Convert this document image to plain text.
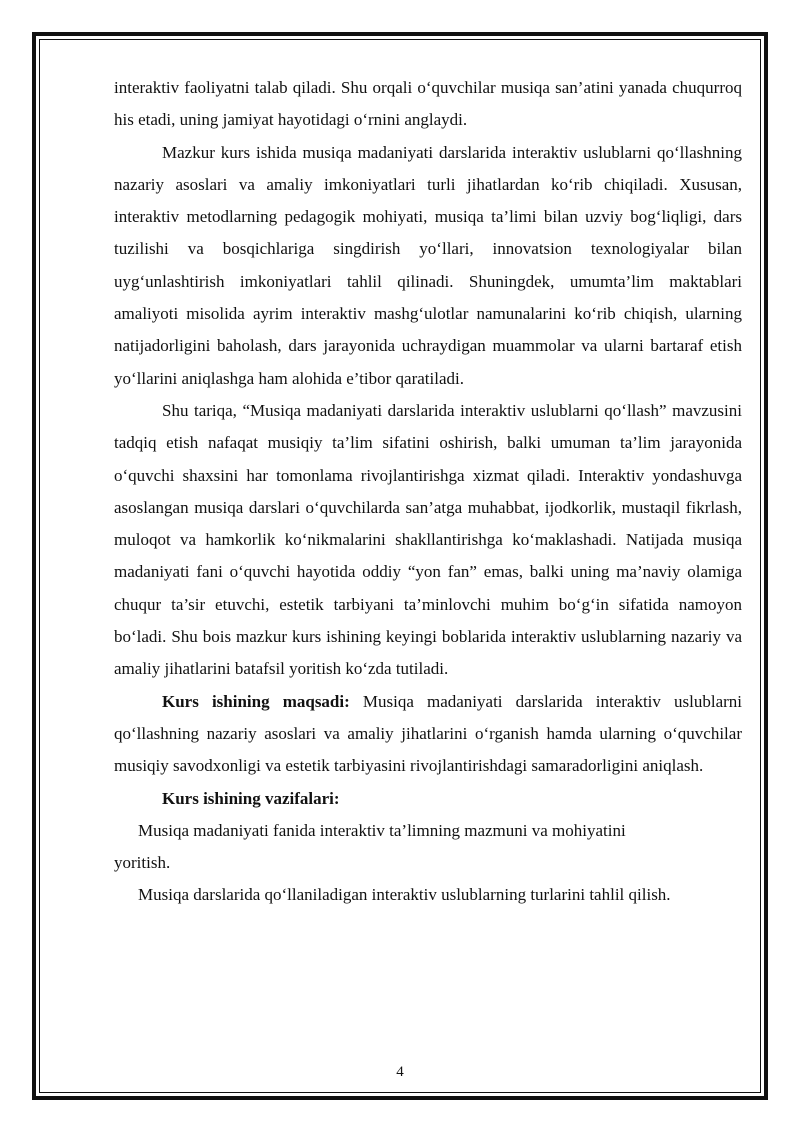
interaktiv faoliyatni talab qiladi. Shu orqali o‘quvchilar musiqa san’atini yanada chuqurroq his etadi, uning jamiyat hayotidagi o‘rnini anglaydi.

Mazkur kurs ishida musiqa madaniyati darslarida interaktiv uslublarni qo‘llashning nazariy asoslari va amaliy imkoniyatlari turli jihatlardan ko‘rib chiqiladi. Xususan, interaktiv metodlarning pedagogik mohiyati, musiqa ta’limi bilan uzviy bog‘liqligi, dars tuzilishi va bosqichlariga singdirish yo‘llari, innovatsion texnologiyalar bilan uyg‘unlashtirish imkoniyatlari tahlil qilinadi. Shuningdek, umumta’lim maktablari amaliyoti misolida ayrim interaktiv mashg‘ulotlar namunalarini ko‘rib chiqish, ularning natijadorligini baholash, dars jarayonida uchraydigan muammolar va ularni bartaraf etish yo‘llarini aniqlashga ham alohida e’tibor qaratiladi.

Shu tariqa, “Musiqa madaniyati darslarida interaktiv uslublarni qo‘llash” mavzusini tadqiq etish nafaqat musiqiy ta’lim sifatini oshirish, balki umuman ta’lim jarayonida o‘quvchi shaxsini har tomonlama rivojlantirishga xizmat qiladi. Interaktiv yondashuvga asoslangan musiqa darslari o‘quvchilarda san’atga muhabbat, ijodkorlik, mustaqil fikrlash, muloqot va hamkorlik ko‘nikmalarini shakllantirishga ko‘maklashadi. Natijada musiqa madaniyati fani o‘quvchi hayotida oddiy “yon fan” emas, balki uning ma’naviy olamiga chuqur ta’sir etuvchi, estetik tarbiyani ta’minlovchi muhim bo‘g‘in sifatida namoyon bo‘ladi. Shu bois mazkur kurs ishining keyingi boblarida interaktiv uslublarning nazariy va amaliy jihatlarini batafsil yoritish ko‘zda tutiladi.

Kurs ishining maqsadi: Musiqa madaniyati darslarida interaktiv uslublarni qo‘llashning nazariy asoslari va amaliy jihatlarini o‘rganish hamda ularning o‘quvchilar musiqiy savodxonligi va estetik tarbiyasini rivojlantirishdagi samaradorligini aniqlash.

Kurs ishining vazifalari:

Musiqa madaniyati fanida interaktiv ta’limning mazmuni va mohiyatini yoritish.

Musiqa darslarida qo‘llaniladigan interaktiv uslublarning turlarini tahlil qilish.

4
